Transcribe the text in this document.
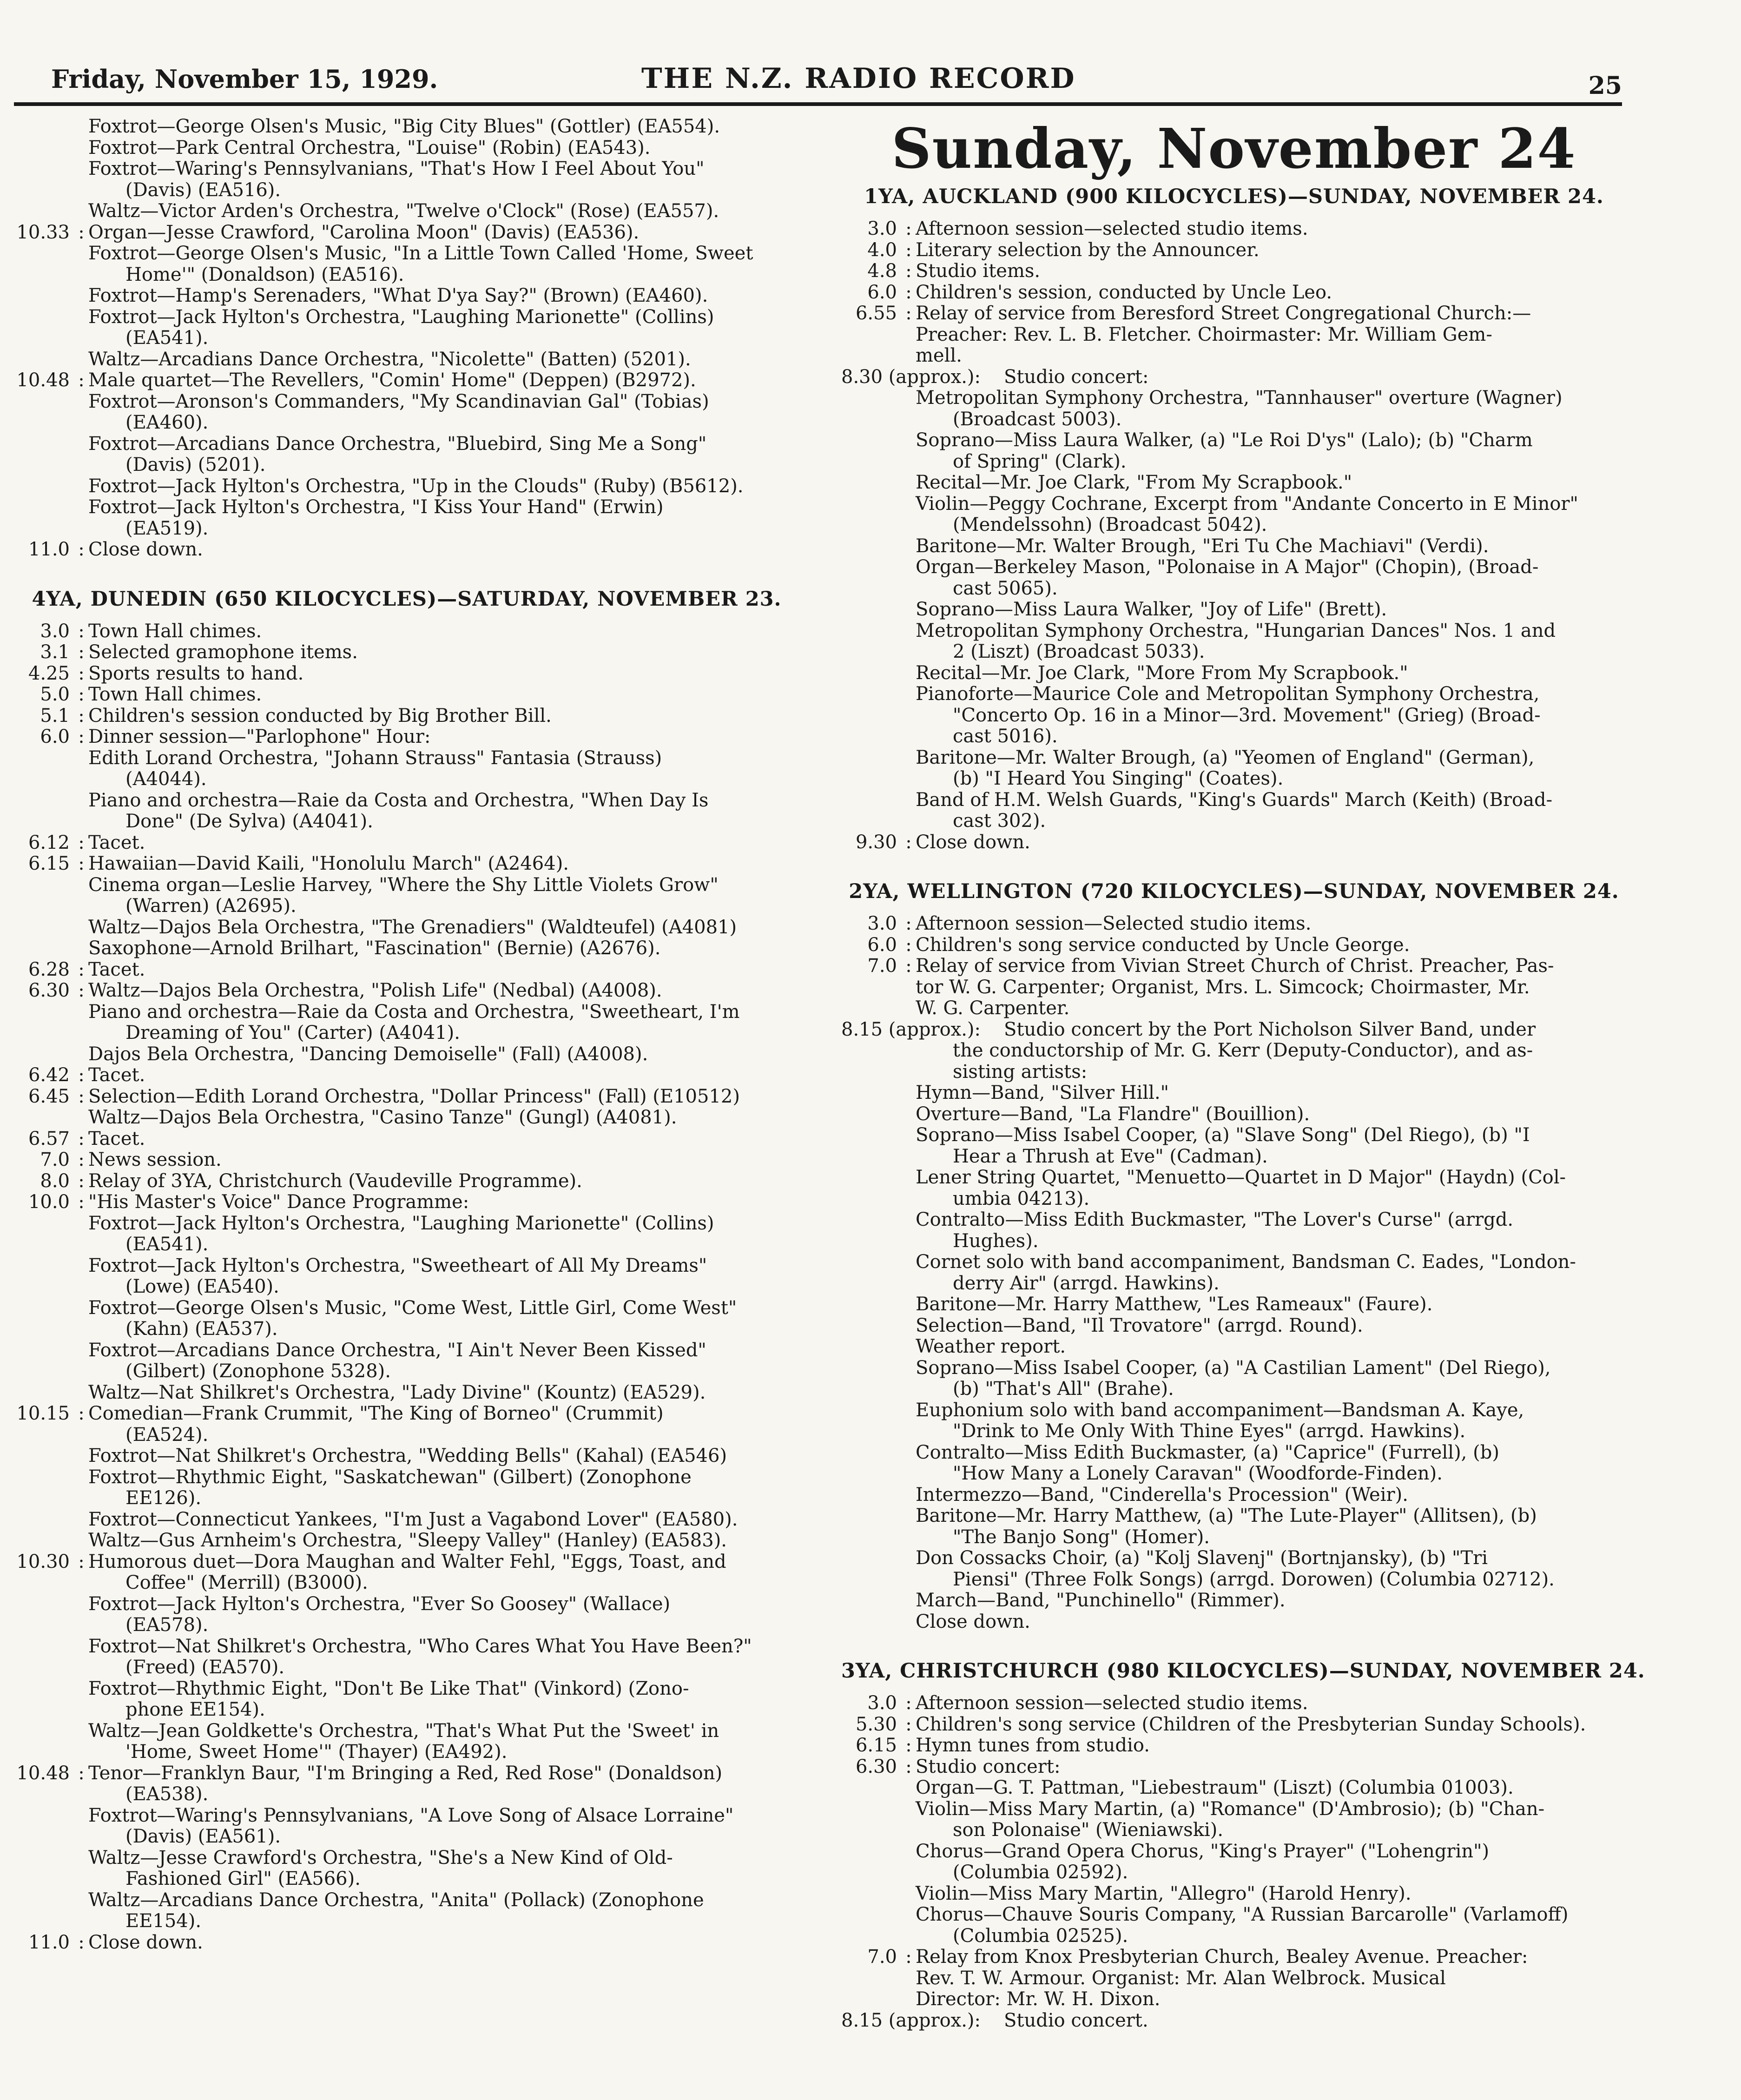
Friday, November 15, 1929.	THE N.Z. RADIO RECORD	25
Foxtrot—George Olsen's Music, "Big City Blues" (Gottler) (EA554).
Foxtrot—Park Central Orchestra, "Louise" (Robin) (EA543).
Foxtrot—Waring's Pennsylvanians, "That's How I Feel About You"
(Davis) (EA516).
Waltz—Victor Arden's Orchestra, "Twelve o'Clock" (Rose) (EA557).
10.33 : Organ—Jesse Crawford, "Carolina Moon" (Davis) (EA536).
Foxtrot—George Olsen's Music, "In a Little Town Called 'Home, Sweet
Home'" (Donaldson) (EA516).
Foxtrot—Hamp's Serenaders, "What D'ya Say?" (Brown) (EA460).
Foxtrot—Jack Hylton's Orchestra, "Laughing Marionette" (Collins)
(EA541).
Waltz—Arcadians Dance Orchestra, "Nicolette" (Batten) (5201).
10.48 : Male quartet—The Revellers, "Comin' Home" (Deppen) (B2972).
Foxtrot—Aronson's Commanders, "My Scandinavian Gal" (Tobias)
(EA460).
Foxtrot—Arcadians Dance Orchestra, "Bluebird, Sing Me a Song"
(Davis) (5201).
Foxtrot—Jack Hylton's Orchestra, "Up in the Clouds" (Ruby) (B5612).
Foxtrot—Jack Hylton's Orchestra, "I Kiss Your Hand" (Erwin)
(EA519).
11.0 : Close down.
4YA, DUNEDIN (650 KILOCYCLES)—SATURDAY, NOVEMBER 23.
3.0 : Town Hall chimes.
3.1 : Selected gramophone items.
4.25 : Sports results to hand.
5.0 : Town Hall chimes.
5.1 : Children's session conducted by Big Brother Bill.
6.0 : Dinner session—"Parlophone" Hour:
Edith Lorand Orchestra, "Johann Strauss" Fantasia (Strauss)
(A4044).
Piano and orchestra—Raie da Costa and Orchestra, "When Day Is
Done" (De Sylva) (A4041).
6.12 : Tacet.
6.15 : Hawaiian—David Kaili, "Honolulu March" (A2464).
Cinema organ—Leslie Harvey, "Where the Shy Little Violets Grow"
(Warren) (A2695).
Waltz—Dajos Bela Orchestra, "The Grenadiers" (Waldteufel) (A4081)
Saxophone—Arnold Brilhart, "Fascination" (Bernie) (A2676).
6.28 : Tacet.
6.30 : Waltz—Dajos Bela Orchestra, "Polish Life" (Nedbal) (A4008).
Piano and orchestra—Raie da Costa and Orchestra, "Sweetheart, I'm
Dreaming of You" (Carter) (A4041).
Dajos Bela Orchestra, "Dancing Demoiselle" (Fall) (A4008).
6.42 : Tacet.
6.45 : Selection—Edith Lorand Orchestra, "Dollar Princess" (Fall) (E10512)
Waltz—Dajos Bela Orchestra, "Casino Tanze" (Gungl) (A4081).
6.57 : Tacet.
7.0 : News session.
8.0 : Relay of 3YA, Christchurch (Vaudeville Programme).
10.0 : "His Master's Voice" Dance Programme:
Foxtrot—Jack Hylton's Orchestra, "Laughing Marionette" (Collins)
(EA541).
Foxtrot—Jack Hylton's Orchestra, "Sweetheart of All My Dreams"
(Lowe) (EA540).
Foxtrot—George Olsen's Music, "Come West, Little Girl, Come West"
(Kahn) (EA537).
Foxtrot—Arcadians Dance Orchestra, "I Ain't Never Been Kissed"
(Gilbert) (Zonophone 5328).
Waltz—Nat Shilkret's Orchestra, "Lady Divine" (Kountz) (EA529).
10.15 : Comedian—Frank Crummit, "The King of Borneo" (Crummit)
(EA524).
Foxtrot—Nat Shilkret's Orchestra, "Wedding Bells" (Kahal) (EA546)
Foxtrot—Rhythmic Eight, "Saskatchewan" (Gilbert) (Zonophone
EE126).
Foxtrot—Connecticut Yankees, "I'm Just a Vagabond Lover" (EA580).
Waltz—Gus Arnheim's Orchestra, "Sleepy Valley" (Hanley) (EA583).
10.30 : Humorous duet—Dora Maughan and Walter Fehl, "Eggs, Toast, and
Coffee" (Merrill) (B3000).
Foxtrot—Jack Hylton's Orchestra, "Ever So Goosey" (Wallace)
(EA578).
Foxtrot—Nat Shilkret's Orchestra, "Who Cares What You Have Been?"
(Freed) (EA570).
Foxtrot—Rhythmic Eight, "Don't Be Like That" (Vinkord) (Zono-
phone EE154).
Waltz—Jean Goldkette's Orchestra, "That's What Put the 'Sweet' in
'Home, Sweet Home'" (Thayer) (EA492).
10.48 : Tenor—Franklyn Baur, "I'm Bringing a Red, Red Rose" (Donaldson)
(EA538).
Foxtrot—Waring's Pennsylvanians, "A Love Song of Alsace Lorraine"
(Davis) (EA561).
Waltz—Jesse Crawford's Orchestra, "She's a New Kind of Old-
Fashioned Girl" (EA566).
Waltz—Arcadians Dance Orchestra, "Anita" (Pollack) (Zonophone
EE154).
11.0 : Close down.
Sunday, November 24
1YA, AUCKLAND (900 KILOCYCLES)—SUNDAY, NOVEMBER 24.
3.0 : Afternoon session—selected studio items.
4.0 : Literary selection by the Announcer.
4.8 : Studio items.
6.0 : Children's session, conducted by Uncle Leo.
6.55 : Relay of service from Beresford Street Congregational Church:—
Preacher: Rev. L. B. Fletcher. Choirmaster: Mr. William Gem-
mell.
8.30 (approx.):	Studio concert:
Metropolitan Symphony Orchestra, "Tannhauser" overture (Wagner)
(Broadcast 5003).
Soprano—Miss Laura Walker, (a) "Le Roi D'ys" (Lalo); (b) "Charm
of Spring" (Clark).
Recital—Mr. Joe Clark, "From My Scrapbook."
Violin—Peggy Cochrane, Excerpt from "Andante Concerto in E Minor"
(Mendelssohn) (Broadcast 5042).
Baritone—Mr. Walter Brough, "Eri Tu Che Machiavi" (Verdi).
Organ—Berkeley Mason, "Polonaise in A Major" (Chopin), (Broad-
cast 5065).
Soprano—Miss Laura Walker, "Joy of Life" (Brett).
Metropolitan Symphony Orchestra, "Hungarian Dances" Nos. 1 and
2 (Liszt) (Broadcast 5033).
Recital—Mr. Joe Clark, "More From My Scrapbook."
Pianoforte—Maurice Cole and Metropolitan Symphony Orchestra,
"Concerto Op. 16 in a Minor—3rd. Movement" (Grieg) (Broad-
cast 5016).
Baritone—Mr. Walter Brough, (a) "Yeomen of England" (German),
(b) "I Heard You Singing" (Coates).
Band of H.M. Welsh Guards, "King's Guards" March (Keith) (Broad-
cast 302).
9.30 : Close down.
2YA, WELLINGTON (720 KILOCYCLES)—SUNDAY, NOVEMBER 24.
3.0 : Afternoon session—Selected studio items.
6.0 : Children's song service conducted by Uncle George.
7.0 : Relay of service from Vivian Street Church of Christ. Preacher, Pas-
tor W. G. Carpenter; Organist, Mrs. L. Simcock; Choirmaster, Mr.
W. G. Carpenter.
8.15 (approx.):	Studio concert by the Port Nicholson Silver Band, under
the conductorship of Mr. G. Kerr (Deputy-Conductor), and as-
sisting artists:
Hymn—Band, "Silver Hill."
Overture—Band, "La Flandre" (Bouillion).
Soprano—Miss Isabel Cooper, (a) "Slave Song" (Del Riego), (b) "I
Hear a Thrush at Eve" (Cadman).
Lener String Quartet, "Menuetto—Quartet in D Major" (Haydn) (Col-
umbia 04213).
Contralto—Miss Edith Buckmaster, "The Lover's Curse" (arrgd.
Hughes).
Cornet solo with band accompaniment, Bandsman C. Eades, "London-
derry Air" (arrgd. Hawkins).
Baritone—Mr. Harry Matthew, "Les Rameaux" (Faure).
Selection—Band, "Il Trovatore" (arrgd. Round).
Weather report.
Soprano—Miss Isabel Cooper, (a) "A Castilian Lament" (Del Riego),
(b) "That's All" (Brahe).
Euphonium solo with band accompaniment—Bandsman A. Kaye,
"Drink to Me Only With Thine Eyes" (arrgd. Hawkins).
Contralto—Miss Edith Buckmaster, (a) "Caprice" (Furrell), (b)
"How Many a Lonely Caravan" (Woodforde-Finden).
Intermezzo—Band, "Cinderella's Procession" (Weir).
Baritone—Mr. Harry Matthew, (a) "The Lute-Player" (Allitsen), (b)
"The Banjo Song" (Homer).
Don Cossacks Choir, (a) "Kolj Slavenj" (Bortnjansky), (b) "Tri
Piensi" (Three Folk Songs) (arrgd. Dorowen) (Columbia 02712).
March—Band, "Punchinello" (Rimmer).
Close down.
3YA, CHRISTCHURCH (980 KILOCYCLES)—SUNDAY, NOVEMBER 24.
3.0 : Afternoon session—selected studio items.
5.30 : Children's song service (Children of the Presbyterian Sunday Schools).
6.15 : Hymn tunes from studio.
6.30 : Studio concert:
Organ—G. T. Pattman, "Liebestraum" (Liszt) (Columbia 01003).
Violin—Miss Mary Martin, (a) "Romance" (D'Ambrosio); (b) "Chan-
son Polonaise" (Wieniawski).
Chorus—Grand Opera Chorus, "King's Prayer" ("Lohengrin")
(Columbia 02592).
Violin—Miss Mary Martin, "Allegro" (Harold Henry).
Chorus—Chauve Souris Company, "A Russian Barcarolle" (Varlamoff)
(Columbia 02525).
7.0 : Relay from Knox Presbyterian Church, Bealey Avenue. Preacher:
Rev. T. W. Armour. Organist: Mr. Alan Welbrock. Musical
Director: Mr. W. H. Dixon.
8.15 (approx.):	Studio concert.
